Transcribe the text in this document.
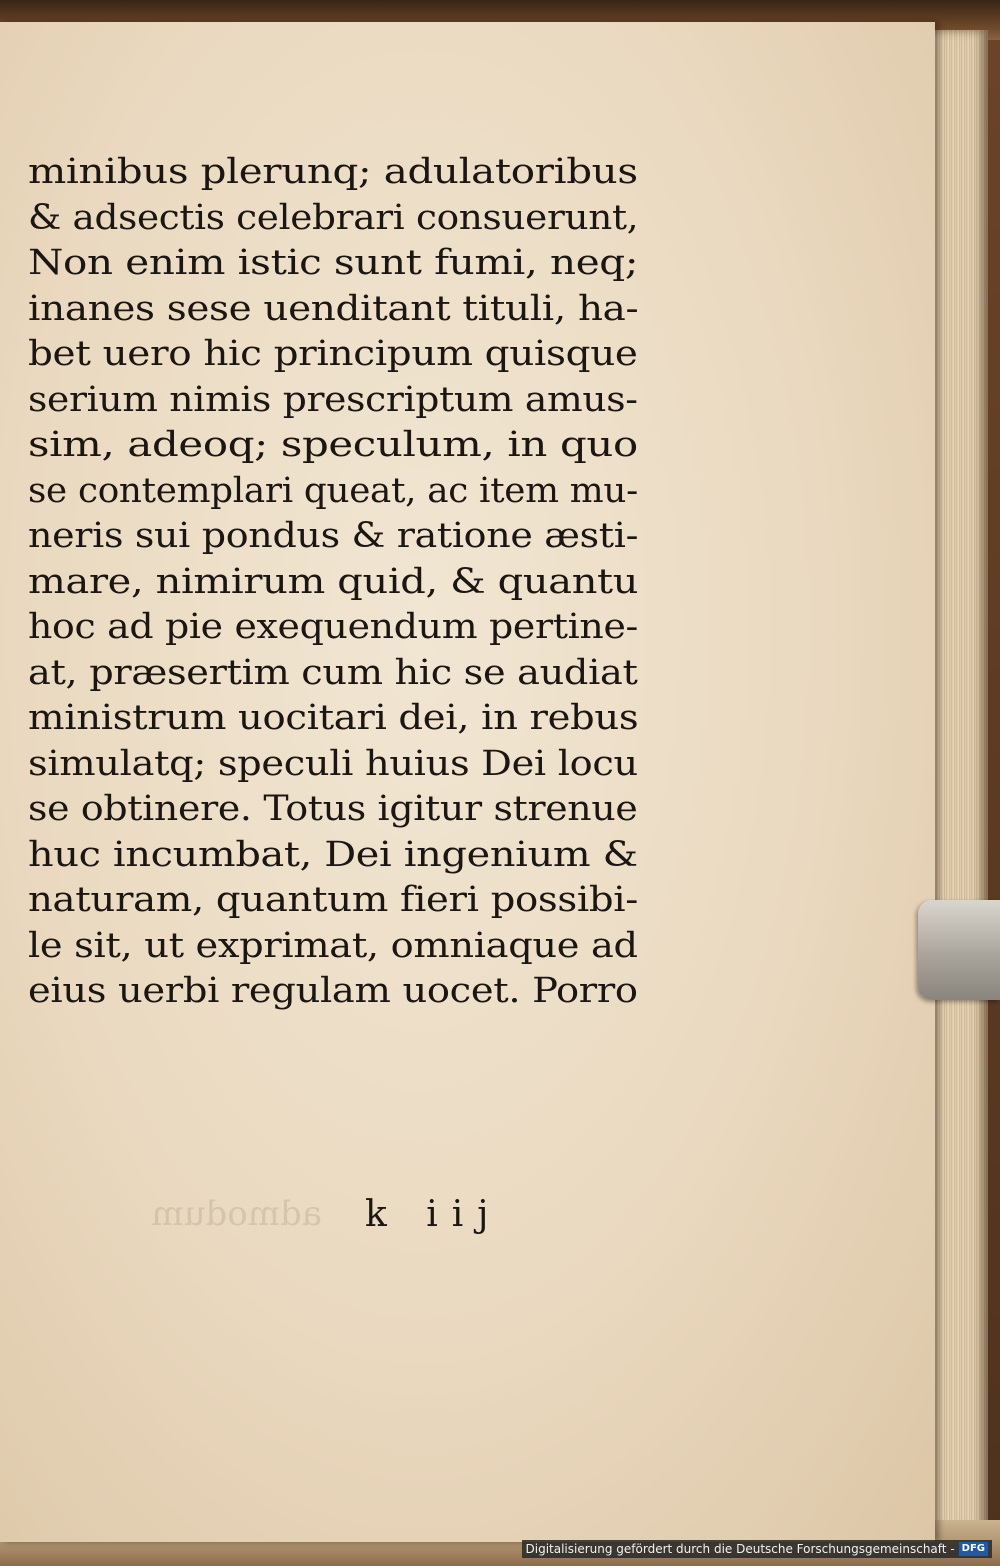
minibus plerunq; adulatoribus
& adsectis celebrari consuerunt,
Non enim istic sunt fumi, neq;
inanes sese uenditant tituli, ha-
bet uero hic principum quisque
serium nimis prescriptum amus-
sim, adeoq; speculum, in quo
se contemplari queat, ac item mu-
neris sui pondus & ratione æsti-
mare, nimirum quid, & quantu
hoc ad pie exequendum pertine-
at, præsertim cum hic se audiat
ministrum uocitari dei, in rebus
simulatq; speculi huius Dei locu
se obtinere. Totus igitur strenue
huc incumbat, Dei ingenium &
naturam, quantum fieri possibi-
le sit, ut exprimat, omniaque ad
eius uerbi regulam uocet. Porro
admodum k iij
Digitalisierung gefördert durch die Deutsche Forschungsgemeinschaft - DFG
